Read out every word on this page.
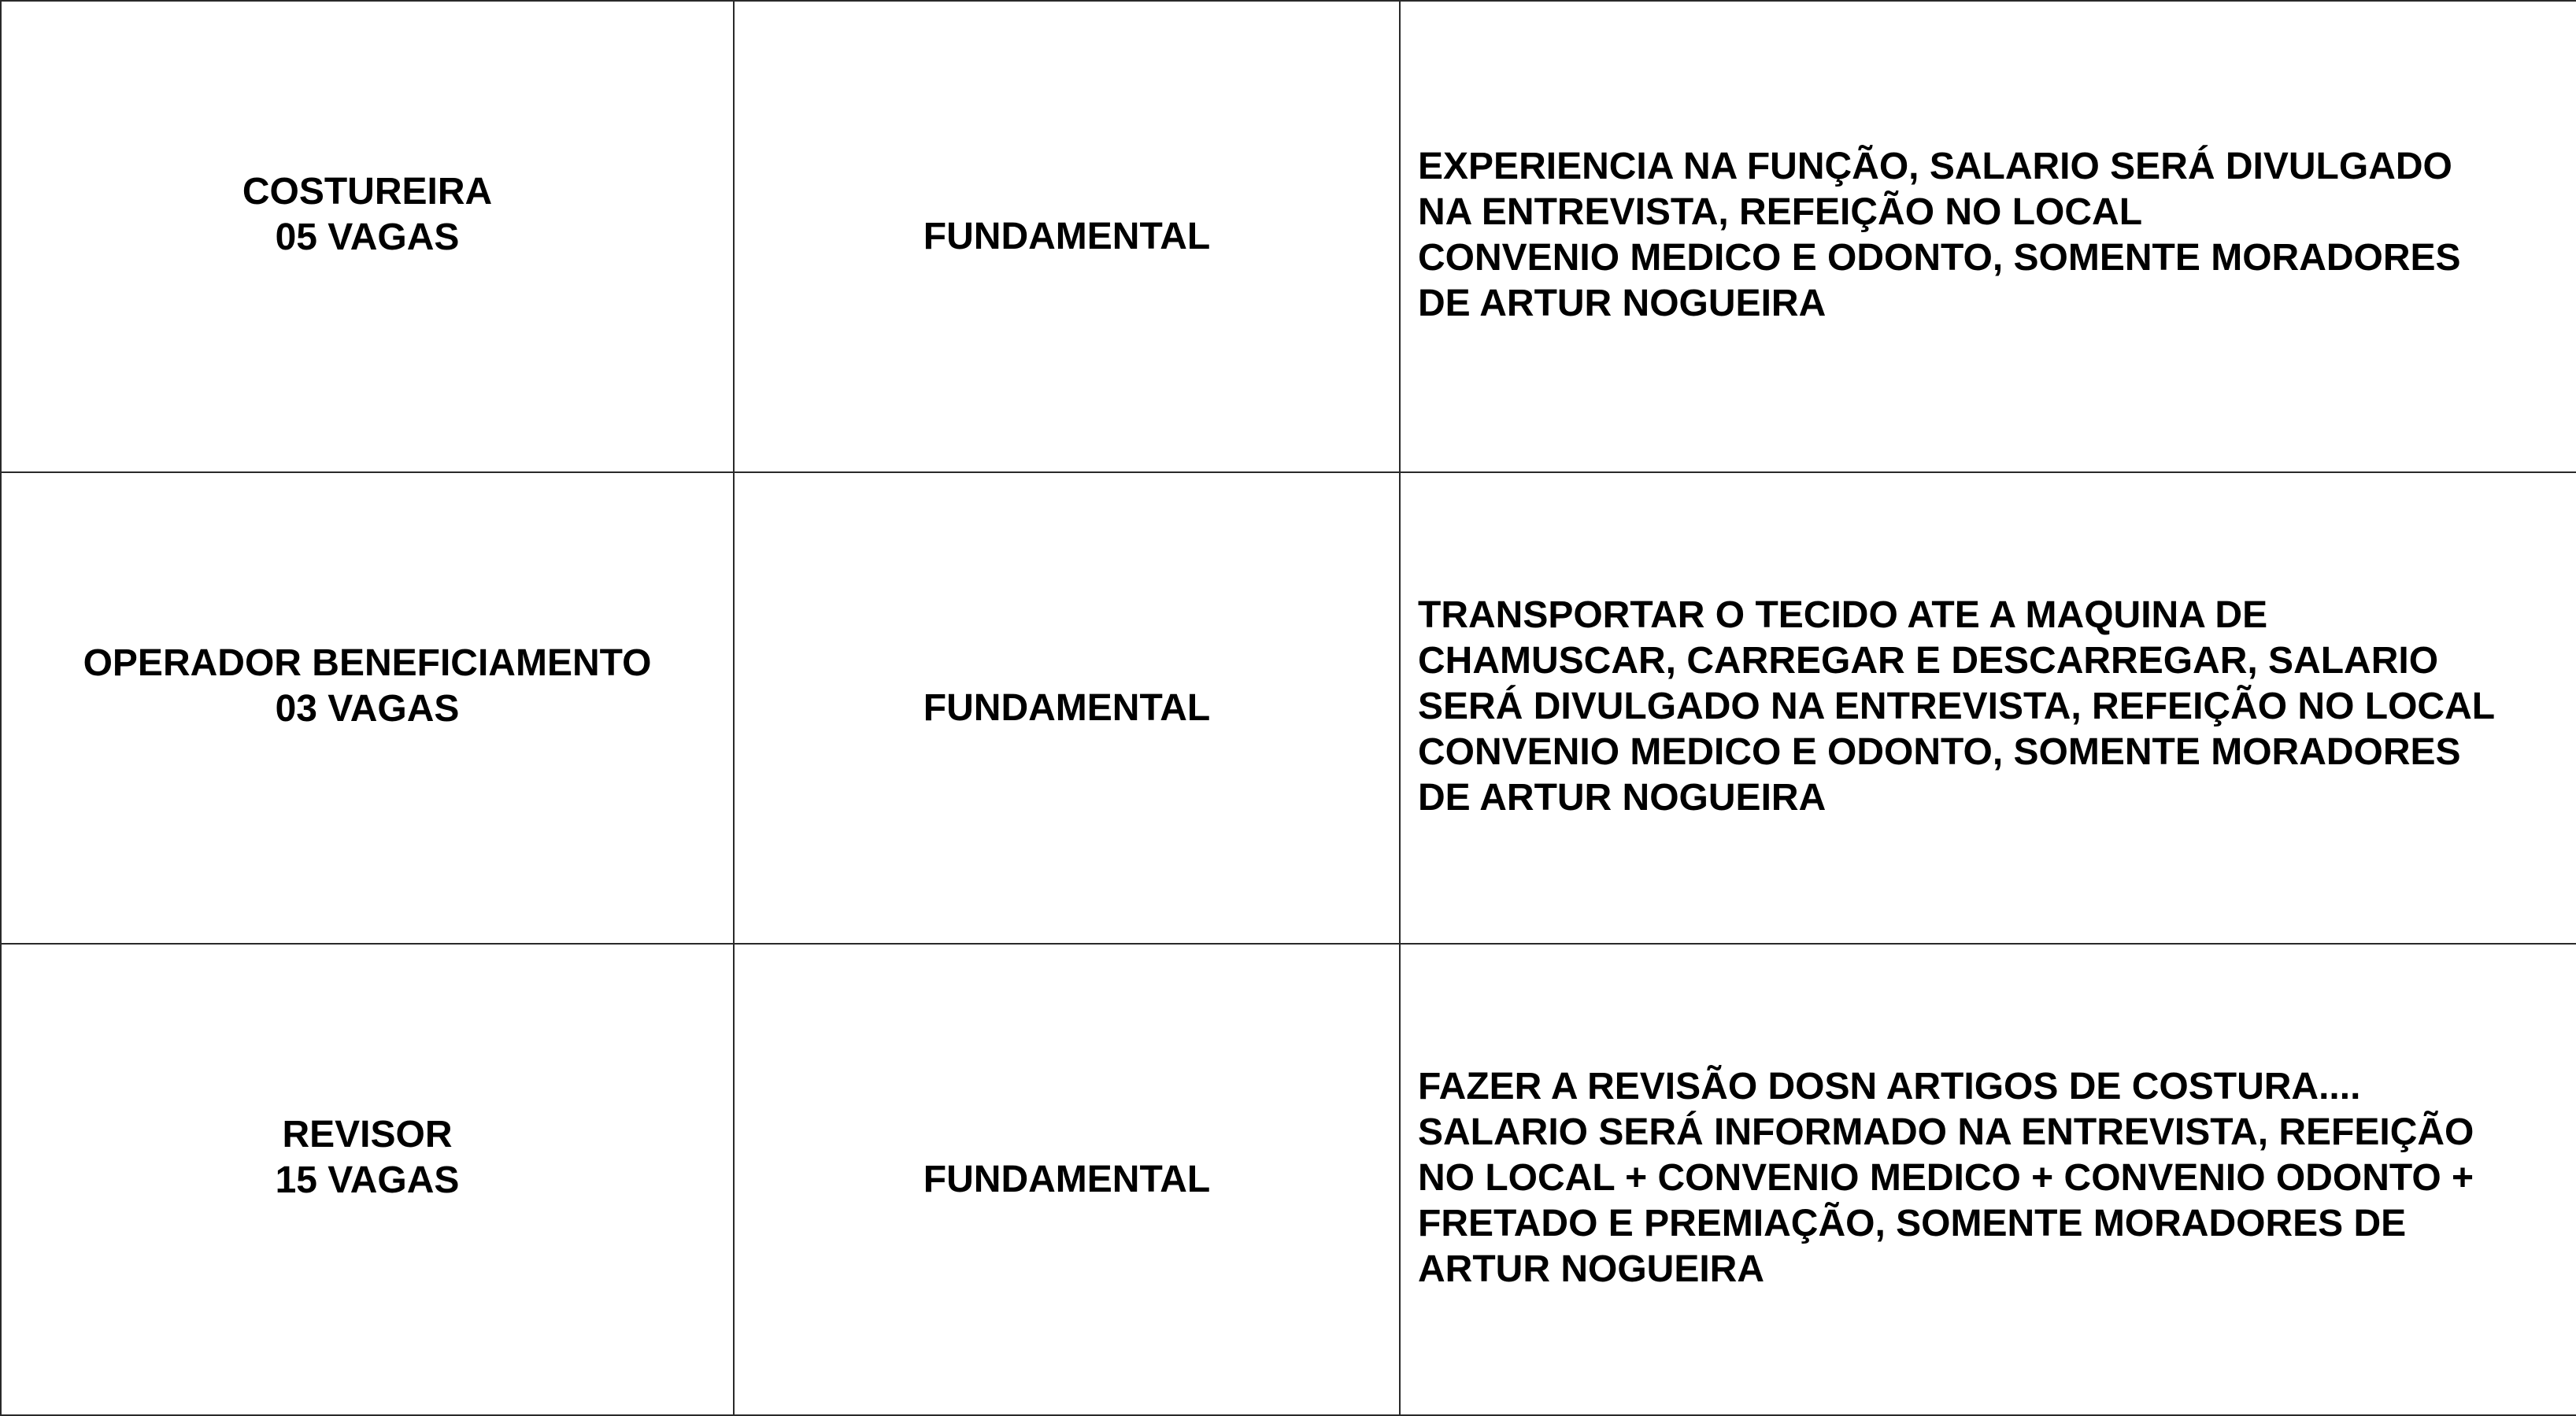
COSTUREIRA
05 VAGAS	FUNDAMENTAL	EXPERIENCIA NA FUNÇÃO, SALARIO SERÁ DIVULGADO
NA ENTREVISTA, REFEIÇÃO NO LOCAL
CONVENIO MEDICO E ODONTO, SOMENTE MORADORES
DE ARTUR NOGUEIRA

OPERADOR BENEFICIAMENTO
03 VAGAS	FUNDAMENTAL	TRANSPORTAR O TECIDO ATE A MAQUINA DE
CHAMUSCAR, CARREGAR E DESCARREGAR, SALARIO
SERÁ DIVULGADO NA ENTREVISTA, REFEIÇÃO NO LOCAL
CONVENIO MEDICO E ODONTO, SOMENTE MORADORES
DE ARTUR NOGUEIRA

REVISOR
15 VAGAS	FUNDAMENTAL	FAZER A REVISÃO DOSN ARTIGOS DE COSTURA....
SALARIO SERÁ INFORMADO NA ENTREVISTA, REFEIÇÃO
NO LOCAL + CONVENIO MEDICO + CONVENIO ODONTO +
FRETADO E PREMIAÇÃO, SOMENTE MORADORES DE
ARTUR NOGUEIRA
